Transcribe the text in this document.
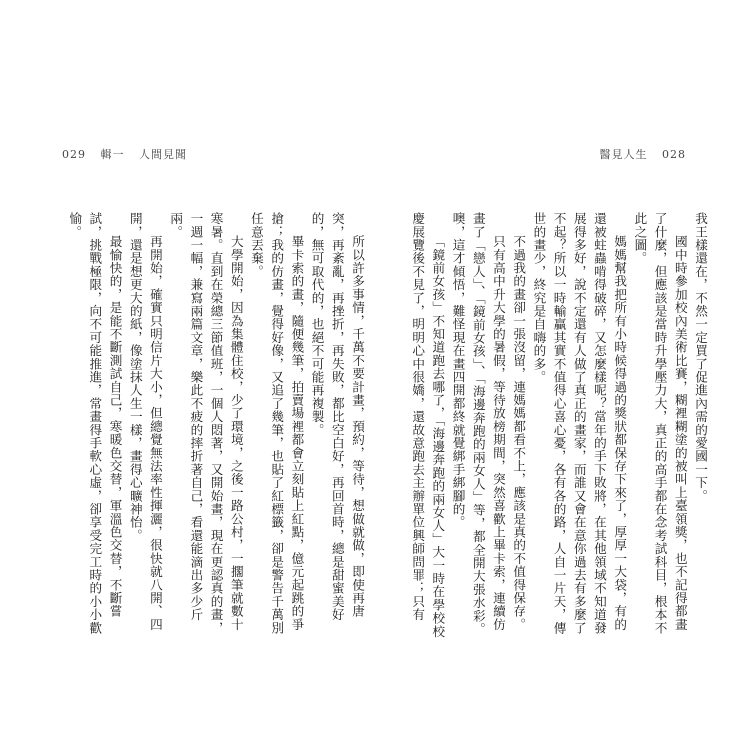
029 輯一 人間見聞	醫見人生 028

我王樣還在，不然一定買了促進內需的愛國一下。

國中時參加校內美術比賽，糊裡糊塗的被叫上臺領獎，也不記得都畫了什麼，但應該是當時升學壓力大，真正的高手都在念考試科目，根本不此之圖。

媽媽幫我把所有小時候得過的獎狀都保存下來了，厚厚一大袋，有的還被蛀蟲啃得破碎，又怎麼樣呢？當年的手下敗將，在其他領域不知道發展得多好，說不定還有人做了真正的畫家，而誰又會在意你過去有多麼了不起？所以一時輸贏其實不值得心喜心憂，各有各的路，人自一片天，傳世的畫少，終究是自嗨的多。

不過我的畫卻一張沒留，連媽媽都看不上，應該是真的不值得保存。

只有高中升大學的暑假，等待放榜期間，突然喜歡上畢卡索，連續仿畫了「戀人」、「鏡前女孩」、「海邊奔跑的兩女人」等，都全開大張水彩。噢，這才傾悟，難怪現在畫四開都終就覺綁手綁腳的。

「鏡前女孩」不知道跑去哪了，「海邊奔跑的兩女人」大一時在學校校慶展覽後不見了，明明心中很嬌，還故意跑去主辦單位興師問罪；只有

所以許多事情，千萬不要計畫，預約，等待，想做就做，即使再唐突，再紊亂，再挫折，再失敗，都比空白好，再回首時，總是甜蜜美好的，無可取代的，也絕不可能再複製。

畢卡索的畫，隨便幾筆，拍賣場裡都會立刻貼上紅點，億元起跳的爭搶；我的仿畫，覺得好像，又追了幾筆，也貼了紅標籤，卻是警告千萬別任意丟棄。

大學開始，因為集體住校，少了環境，之後一路公村，一擱筆就數十寒暑。直到在榮總三節值班，一個人悶著，又開始畫，現在更認真的畫，一週一幅，兼寫兩篇文章，樂此不疲的摔折著自己，看還能滴出多少斤兩。

再開始，確實只明信片大小，但總覺無法率性揮灑，很快就八開、四開，還是想更大的紙，像塗抹人生一樣，畫得心曠神怡。

最愉快的，是能不斷測試自己，寒暖色交替，軍溫色交替，不斷嘗試，挑戰極限，向不可能推進，常畫得手軟心虛，卻享受完工時的小小歡愉。
